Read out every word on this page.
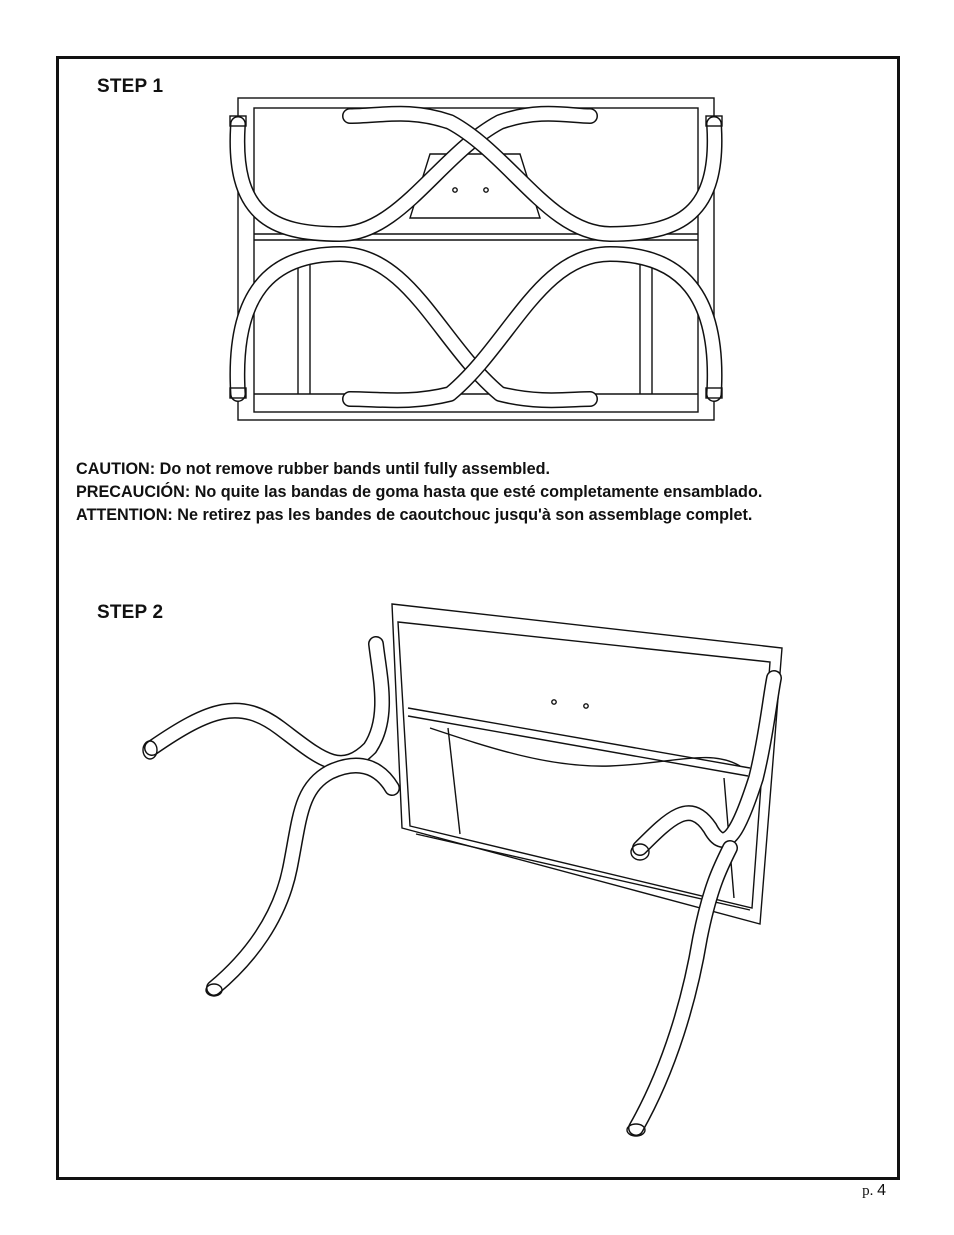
STEP 1

CAUTION: Do not remove rubber bands until fully assembled.

PRECAUCIÓN: No quite las bandas de goma hasta que esté completamente ensamblado.

ATTENTION: Ne retirez pas les bandes de caoutchouc jusqu'à son assemblage complet.

STEP 2
p. 4
